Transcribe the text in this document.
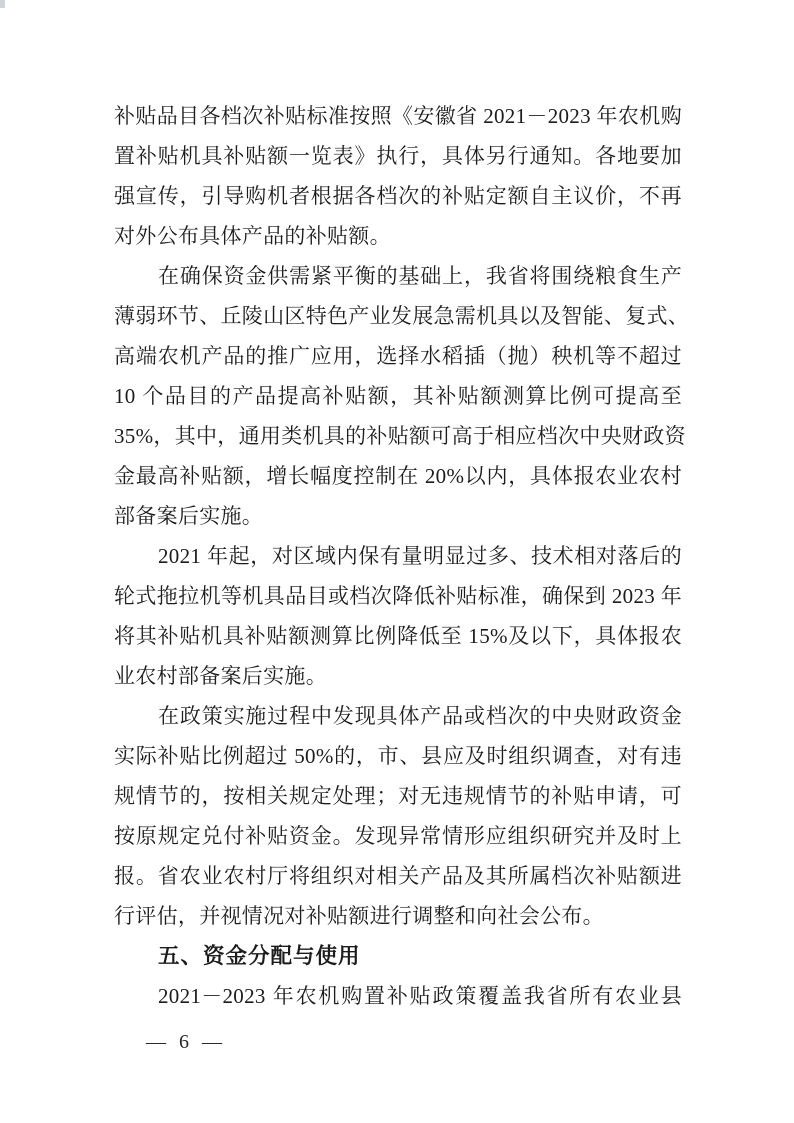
补贴品目各档次补贴标准按照《安徽省 2021－2023 年农机购
置补贴机具补贴额一览表》执行，具体另行通知。各地要加
强宣传，引导购机者根据各档次的补贴定额自主议价，不再
对外公布具体产品的补贴额。
在确保资金供需紧平衡的基础上，我省将围绕粮食生产
薄弱环节、丘陵山区特色产业发展急需机具以及智能、复式、
高端农机产品的推广应用，选择水稻插（抛）秧机等不超过
10 个品目的产品提高补贴额，其补贴额测算比例可提高至
35%，其中，通用类机具的补贴额可高于相应档次中央财政资
金最高补贴额，增长幅度控制在 20%以内，具体报农业农村
部备案后实施。
2021 年起，对区域内保有量明显过多、技术相对落后的
轮式拖拉机等机具品目或档次降低补贴标准，确保到 2023 年
将其补贴机具补贴额测算比例降低至 15%及以下，具体报农
业农村部备案后实施。
在政策实施过程中发现具体产品或档次的中央财政资金
实际补贴比例超过 50%的，市、县应及时组织调查，对有违
规情节的，按相关规定处理；对无违规情节的补贴申请，可
按原规定兑付补贴资金。发现异常情形应组织研究并及时上
报。省农业农村厅将组织对相关产品及其所属档次补贴额进
行评估，并视情况对补贴额进行调整和向社会公布。
五、资金分配与使用
2021－2023 年农机购置补贴政策覆盖我省所有农业县
— 6 —
